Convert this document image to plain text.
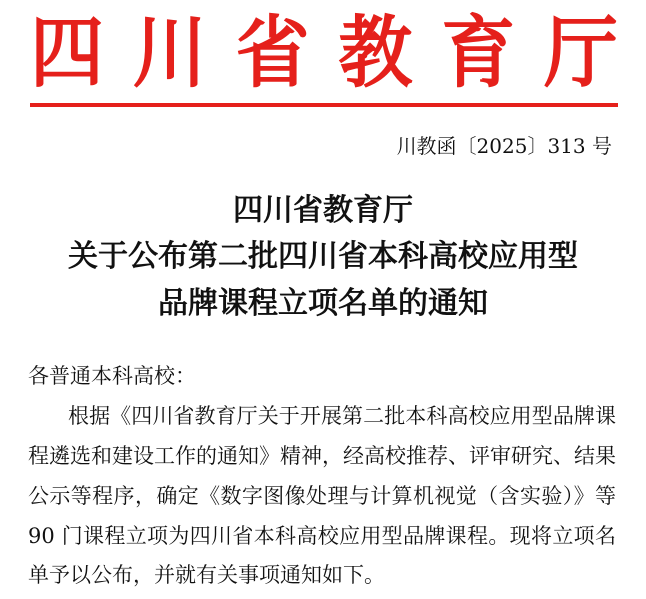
四 川 省 教 育 厅
川教函〔2025〕313 号
四川省教育厅
关于公布第二批四川省本科高校应用型
品牌课程立项名单的通知
各普通本科高校：
根据《四川省教育厅关于开展第二批本科高校应用型品牌课
程遴选和建设工作的通知》精神，经高校推荐、评审研究、结果
公示等程序，确定《数字图像处理与计算机视觉（含实验）》等
90 门课程立项为四川省本科高校应用型品牌课程。现将立项名
单予以公布，并就有关事项通知如下。
